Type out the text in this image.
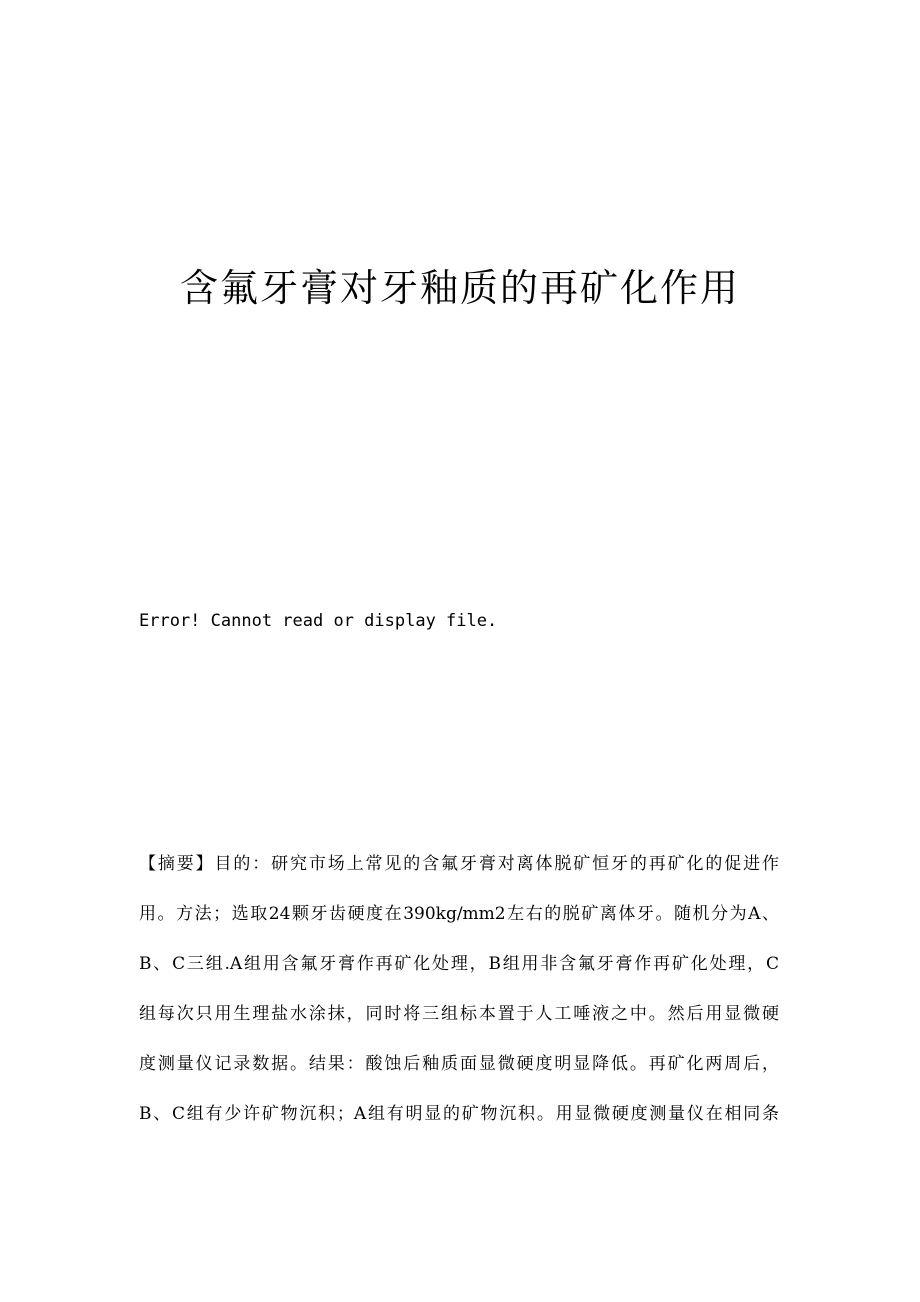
含氟牙膏对牙釉质的再矿化作用
Error! Cannot read or display file.
【摘要】目的：研究市场上常见的含氟牙膏对离体脱矿恒牙的再矿化的促进作
用。方法；选取24颗牙齿硬度在390kg/mm2左右的脱矿离体牙。随机分为A、
B、C三组.A组用含氟牙膏作再矿化处理，B组用非含氟牙膏作再矿化处理，C
组每次只用生理盐水涂抹，同时将三组标本置于人工唾液之中。然后用显微硬
度测量仪记录数据。结果：酸蚀后釉质面显微硬度明显降低。再矿化两周后，
B、C组有少许矿物沉积；A组有明显的矿物沉积。用显微硬度测量仪在相同条
